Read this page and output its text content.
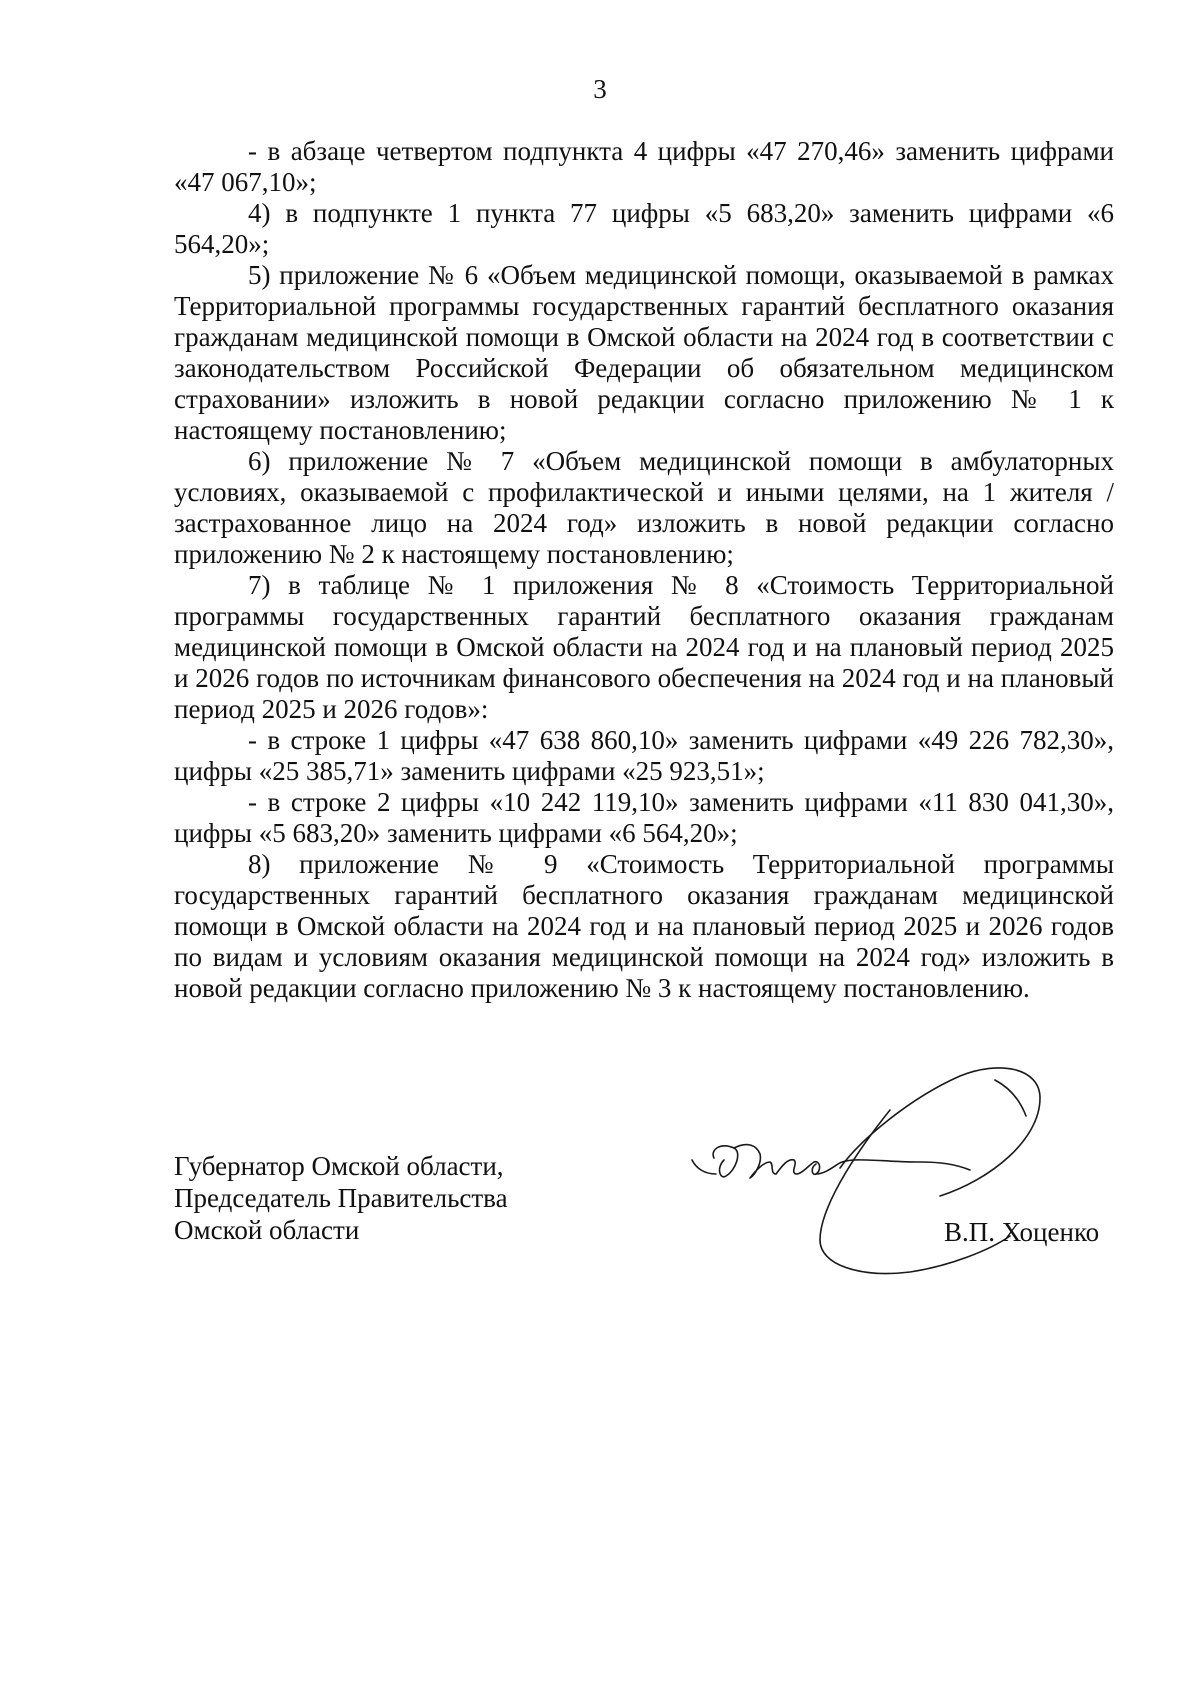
3

- в абзаце четвертом подпункта 4 цифры «47 270,46» заменить цифрами «47 067,10»;

4) в подпункте 1 пункта 77 цифры «5 683,20» заменить цифрами «6 564,20»;

5) приложение № 6 «Объем медицинской помощи, оказываемой в рамках Территориальной программы государственных гарантий бесплатного оказания гражданам медицинской помощи в Омской области на 2024 год в соответствии с законодательством Российской Федерации об обязательном медицинском страховании» изложить в новой редакции согласно приложению № 1 к настоящему постановлению;

6) приложение № 7 «Объем медицинской помощи в амбулаторных условиях, оказываемой с профилактической и иными целями, на 1 жителя / застрахованное лицо на 2024 год» изложить в новой редакции согласно приложению № 2 к настоящему постановлению;

7) в таблице № 1 приложения № 8 «Стоимость Территориальной программы государственных гарантий бесплатного оказания гражданам медицинской помощи в Омской области на 2024 год и на плановый период 2025 и 2026 годов по источникам финансового обеспечения на 2024 год и на плановый период 2025 и 2026 годов»:

- в строке 1 цифры «47 638 860,10» заменить цифрами «49 226 782,30», цифры «25 385,71» заменить цифрами «25 923,51»;

- в строке 2 цифры «10 242 119,10» заменить цифрами «11 830 041,30», цифры «5 683,20» заменить цифрами «6 564,20»;

8) приложение № 9 «Стоимость Территориальной программы государственных гарантий бесплатного оказания гражданам медицинской помощи в Омской области на 2024 год и на плановый период 2025 и 2026 годов по видам и условиям оказания медицинской помощи на 2024 год» изложить в новой редакции согласно приложению № 3 к настоящему постановлению.

Губернатор Омской области,
Председатель Правительства
Омской области	В.П. Хоценко
